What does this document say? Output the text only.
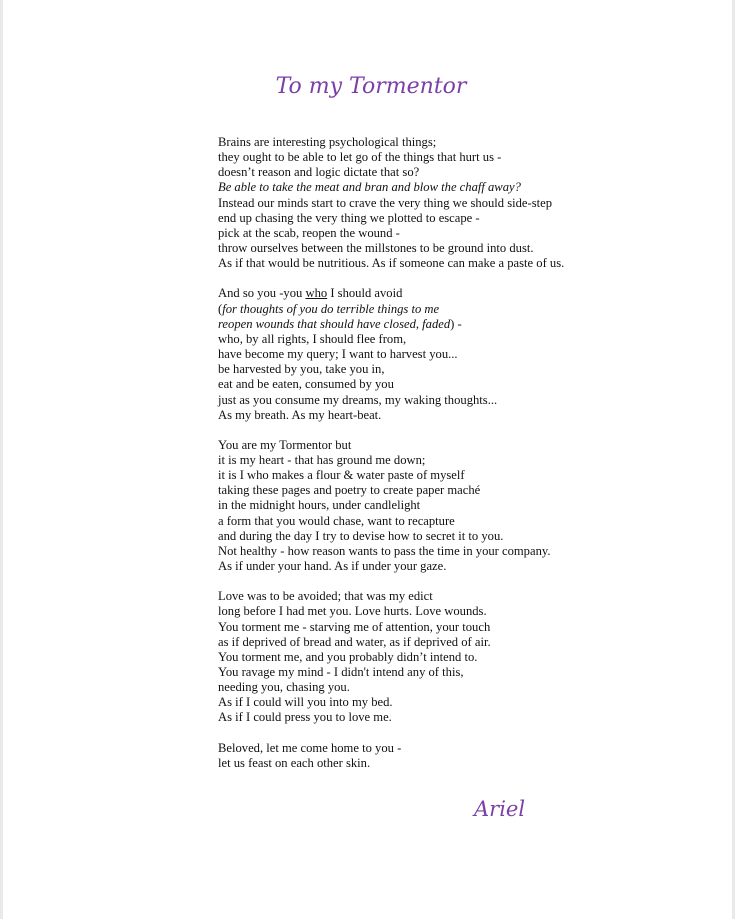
To my Tormentor
Brains are interesting psychological things;
they ought to be able to let go of the things that hurt us -
doesn’t reason and logic dictate that so?
Be able to take the meat and bran and blow the chaff away?
Instead our minds start to crave the very thing we should side-step
end up chasing the very thing we plotted to escape -
pick at the scab, reopen the wound -
throw ourselves between the millstones to be ground into dust.
As if that would be nutritious. As if someone can make a paste of us.
And so you -you who I should avoid
(for thoughts of you do terrible things to me
reopen wounds that should have closed, faded) -
who, by all rights, I should flee from,
have become my query; I want to harvest you...
be harvested by you, take you in,
eat and be eaten, consumed by you
just as you consume my dreams, my waking thoughts...
As my breath. As my heart-beat.
You are my Tormentor but
it is my heart - that has ground me down;
it is I who makes a flour & water paste of myself
taking these pages and poetry to create paper maché
in the midnight hours, under candlelight
a form that you would chase, want to recapture
and during the day I try to devise how to secret it to you.
Not healthy - how reason wants to pass the time in your company.
As if under your hand. As if under your gaze.
Love was to be avoided; that was my edict
long before I had met you. Love hurts. Love wounds.
You torment me - starving me of attention, your touch
as if deprived of bread and water, as if deprived of air.
You torment me, and you probably didn’t intend to.
You ravage my mind - I didn't intend any of this,
needing you, chasing you.
As if I could will you into my bed.
As if I could press you to love me.
Beloved, let me come home to you -
let us feast on each other skin.

Ariel
